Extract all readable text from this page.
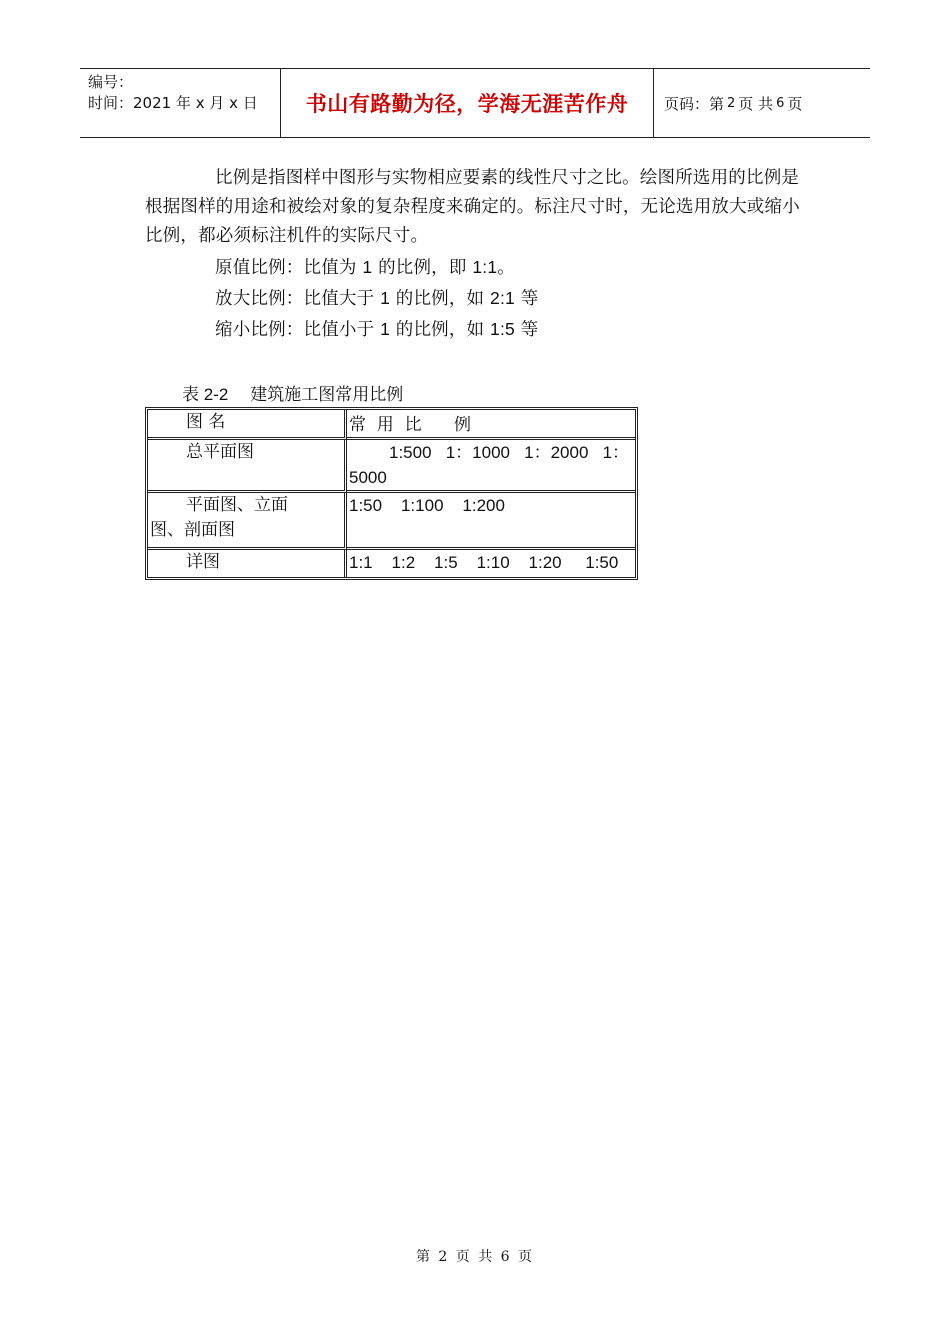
编号：
时间：2021 年 x 月 x 日	书山有路勤为径，学海无涯苦作舟	页码：第 2 页 共 6 页
比例是指图样中图形与实物相应要素的线性尺寸之比。绘图所选用的比例是根据图样的用途和被绘对象的复杂程度来确定的。标注尺寸时，无论选用放大或缩小比例，都必须标注机件的实际尺寸。
原值比例：比值为 1 的比例，即 1:1。
放大比例：比值大于 1 的比例，如 2:1 等
缩小比例：比值小于 1 的比例，如 1:5 等
表 2-2 建筑施工图常用比例
图 名	常  用  比      例
总平面图	1:500   1：1000   1：2000   1：
5000

平面图、立面
图、剖面图	1:50    1:100    1:200
详图	1:1    1:2    1:5    1:10    1:20     1:50
第 2 页 共 6 页
